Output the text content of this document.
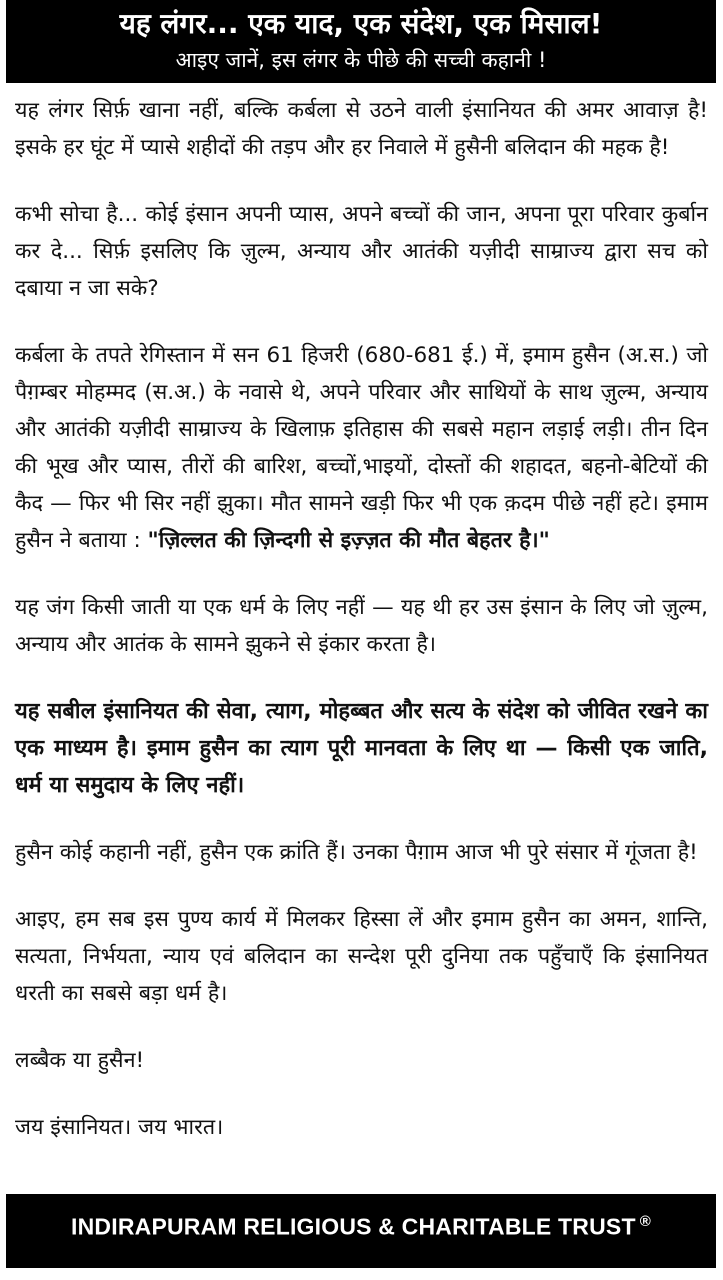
यह लंगर... एक याद, एक संदेश, एक मिसाल!
आइए जानें, इस लंगर के पीछे की सच्ची कहानी !

यह लंगर सिर्फ़ खाना नहीं, बल्कि कर्बला से उठने वाली इंसानियत की अमर आवाज़ है! इसके हर घूंट में प्यासे शहीदों की तड़प और हर निवाले में हुसैनी बलिदान की महक है!

कभी सोचा है... कोई इंसान अपनी प्यास, अपने बच्चों की जान, अपना पूरा परिवार कुर्बान कर दे... सिर्फ़ इसलिए कि ज़ुल्म, अन्याय और आतंकी यज़ीदी साम्राज्य द्वारा सच को दबाया न जा सके?

कर्बला के तपते रेगिस्तान में सन 61 हिजरी (680-681 ई.) में, इमाम हुसैन (अ.स.) जो पैग़म्बर मोहम्मद (स.अ.) के नवासे थे, अपने परिवार और साथियों के साथ ज़ुल्म, अन्याय और आतंकी यज़ीदी साम्राज्य के खिलाफ़ इतिहास की सबसे महान लड़ाई लड़ी। तीन दिन की भूख और प्यास, तीरों की बारिश, बच्चों,भाइयों, दोस्तों की शहादत, बहनो-बेटियों की कैद — फिर भी सिर नहीं झुका। मौत सामने खड़ी फिर भी एक क़दम पीछे नहीं हटे। इमाम हुसैन ने बताया : "ज़िल्लत की ज़िन्दगी से इज़्ज़त की मौत बेहतर है।"

यह जंग किसी जाती या एक धर्म के लिए नहीं — यह थी हर उस इंसान के लिए जो ज़ुल्म, अन्याय और आतंक के सामने झुकने से इंकार करता है।

यह सबील इंसानियत की सेवा, त्याग, मोहब्बत और सत्य के संदेश को जीवित रखने का एक माध्यम है। इमाम हुसैन का त्याग पूरी मानवता के लिए था — किसी एक जाति, धर्म या समुदाय के लिए नहीं।

हुसैन कोई कहानी नहीं, हुसैन एक क्रांति हैं। उनका पैग़ाम आज भी पुरे संसार में गूंजता है!

आइए, हम सब इस पुण्य कार्य में मिलकर हिस्सा लें और इमाम हुसैन का अमन, शान्ति, सत्यता, निर्भयता, न्याय एवं बलिदान का सन्देश पूरी दुनिया तक पहुँचाएँ कि इंसानियत धरती का सबसे बड़ा धर्म है।

लब्बैक या हुसैन!

जय इंसानियत। जय भारत।

INDIRAPURAM RELIGIOUS & CHARITABLE TRUST ®
